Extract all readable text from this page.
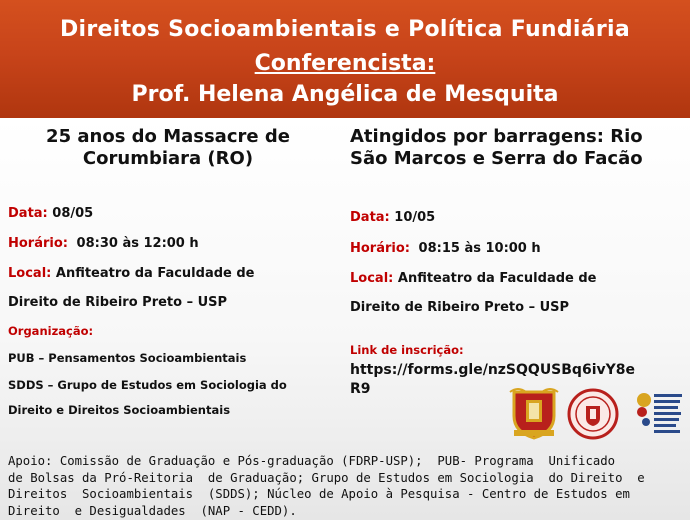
Direitos Socioambientais e Política Fundiária
Conferencista:
Prof. Helena Angélica de Mesquita
25 anos do Massacre de
Corumbiara (RO)
Data: 08/05
Horário: 08:30 às 12:00 h
Local: Anfiteatro da Faculdade de
Direito de Ribeiro Preto – USP
Organização:
PUB – Pensamentos Socioambientais
SDDS – Grupo de Estudos em Sociologia do
Direito e Direitos Socioambientais
Atingidos por barragens: Rio
São Marcos e Serra do Facão
Data: 10/05
Horário: 08:15 às 10:00 h
Local: Anfiteatro da Faculdade de
Direito de Ribeiro Preto – USP
Link de inscrição:
https://forms.gle/nzSQQUSBq6ivY8e
R9
Apoio: Comissão de Graduação e Pós-graduação (FDRP-USP);  PUB- Programa  Unificado
de Bolsas da Pró-Reitoria  de Graduação; Grupo de Estudos em Sociologia  do Direito  e
Direitos  Socioambientais  (SDDS); Núcleo de Apoio à Pesquisa - Centro de Estudos em
Direito  e Desigualdades  (NAP - CEDD).
